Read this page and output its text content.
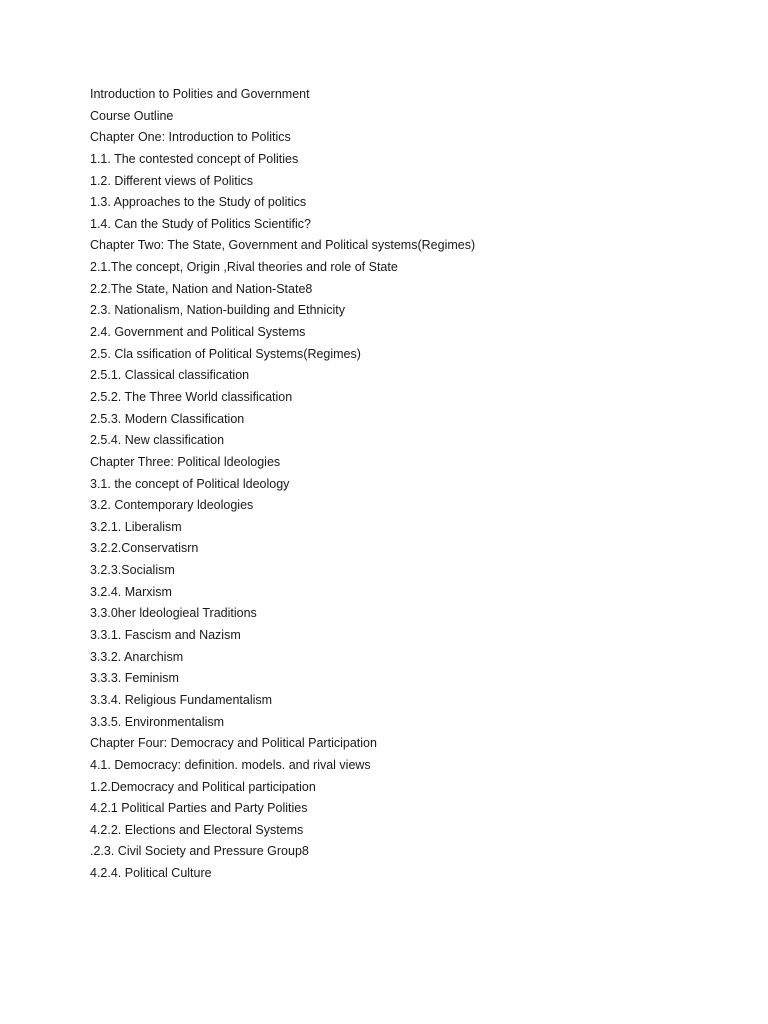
Introduction to Polities and Government
Course Outline
Chapter One: Introduction to Politics
1.1. The contested concept of Polities
1.2. Different views of Politics
1.3. Approaches to the Study of politics
1.4. Can the Study of Politics Scientific?
Chapter Two: The State, Government and Political systems(Regimes)
2.1.The concept, Origin ,Rival theories and role of State
2.2.The State, Nation and Nation-State8
2.3. Nationalism, Nation-building and Ethnicity
2.4. Government and Political Systems
2.5. Cla ssification of Political Systems(Regimes)
2.5.1. Classical classification
2.5.2. The Three World classification
2.5.3. Modern Classification
2.5.4. New classification
Chapter Three: Political ldeologies
3.1. the concept of Political ldeology
3.2. Contemporary ldeologies
3.2.1. Liberalism
3.2.2.Conservatisrn
3.2.3.Socialism
3.2.4. Marxism
3.3.0her ldeologieal Traditions
3.3.1. Fascism and Nazism
3.3.2. Anarchism
3.3.3. Feminism
3.3.4. Religious Fundamentalism
3.3.5. Environmentalism
Chapter Four: Democracy and Political Participation
4.1. Democracy: definition. models. and rival views
1.2.Democracy and Political participation
4.2.1 Political Parties and Party Polities
4.2.2. Elections and Electoral Systems
.2.3. Civil Society and Pressure Group8
4.2.4. Political Culture
